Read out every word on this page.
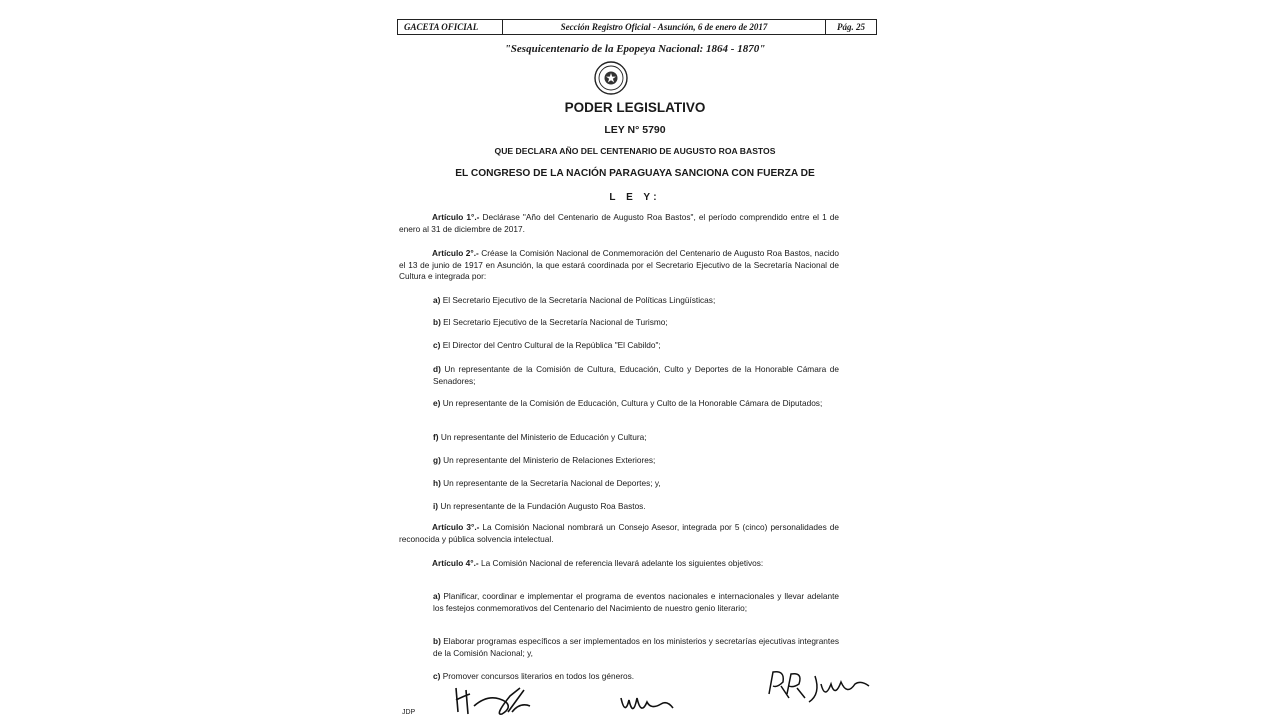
GACETA OFICIAL	Sección Registro Oficial - Asunción, 6 de enero de 2017	Pág. 25
"Sesquicentenario de la Epopeya Nacional: 1864 - 1870"
PODER LEGISLATIVO
LEY N° 5790
QUE DECLARA AÑO DEL CENTENARIO DE AUGUSTO ROA BASTOS
EL CONGRESO DE LA NACIÓN PARAGUAYA SANCIONA CON FUERZA DE
L E Y:
Artículo 1°.- Declárase "Año del Centenario de Augusto Roa Bastos", el período comprendido entre el 1 de enero al 31 de diciembre de 2017.
Artículo 2°.- Créase la Comisión Nacional de Conmemoración del Centenario de Augusto Roa Bastos, nacido el 13 de junio de 1917 en Asunción, la que estará coordinada por el Secretario Ejecutivo de la Secretaría Nacional de Cultura e integrada por:
a) El Secretario Ejecutivo de la Secretaría Nacional de Políticas Lingüísticas;
b) El Secretario Ejecutivo de la Secretaría Nacional de Turismo;
c) El Director del Centro Cultural de la República "El Cabildo";
d) Un representante de la Comisión de Cultura, Educación, Culto y Deportes de la Honorable Cámara de Senadores;
e) Un representante de la Comisión de Educación, Cultura y Culto de la Honorable Cámara de Diputados;
f) Un representante del Ministerio de Educación y Cultura;
g) Un representante del Ministerio de Relaciones Exteriores;
h) Un representante de la Secretaría Nacional de Deportes; y,
i) Un representante de la Fundación Augusto Roa Bastos.
Artículo 3°.- La Comisión Nacional nombrará un Consejo Asesor, integrada por 5 (cinco) personalidades de reconocida y pública solvencia intelectual.
Artículo 4°.- La Comisión Nacional de referencia llevará adelante los siguientes objetivos:
a) Planificar, coordinar e implementar el programa de eventos nacionales e internacionales y llevar adelante los festejos conmemorativos del Centenario del Nacimiento de nuestro genio literario;
b) Elaborar programas específicos a ser implementados en los ministerios y secretarías ejecutivas integrantes de la Comisión Nacional; y,
c) Promover concursos literarios en todos los géneros.
JDP
